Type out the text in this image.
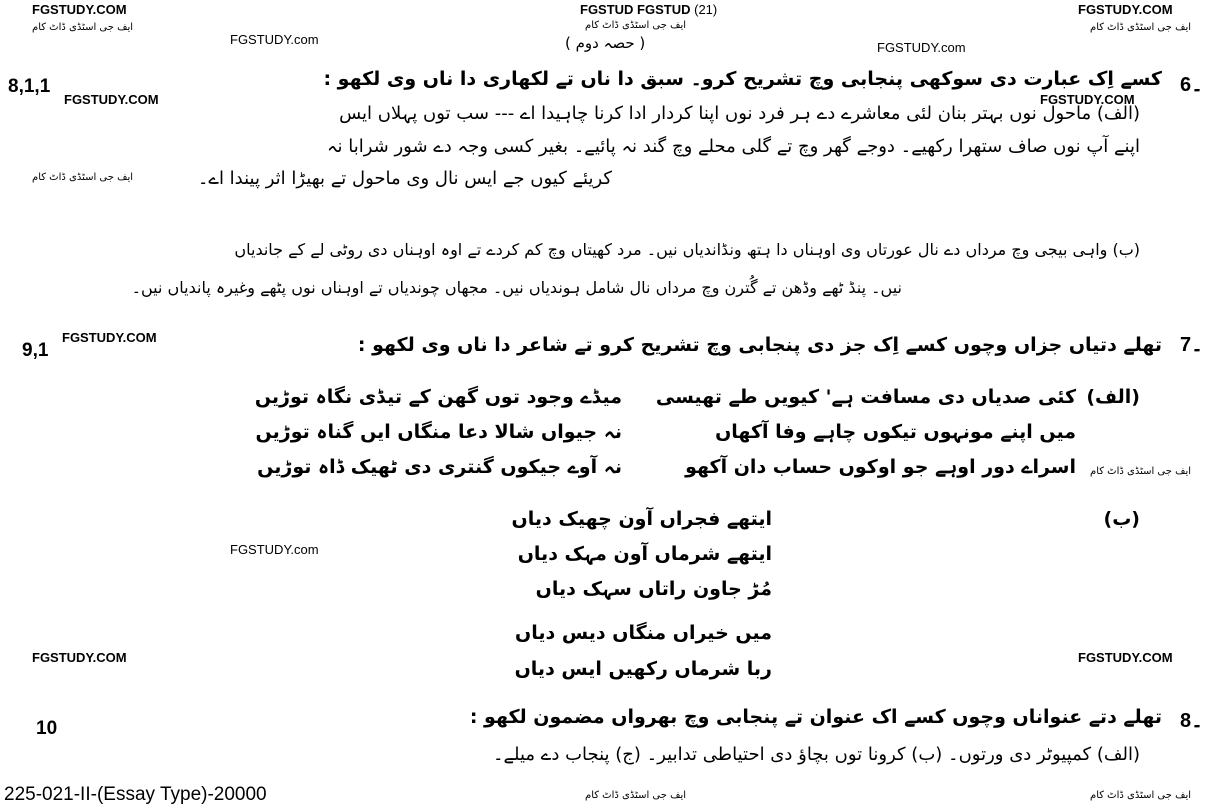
FGSTUDY.COM	FGSTUD FGSTUD (21)	FGSTUDY.COM
ایف جی اسٹڈی ڈاٹ کام	ایف جی اسٹڈی ڈاٹ کام	ایف جی اسٹڈی ڈاٹ کام
FGSTUDY.com
FGSTUDY.com
( حصہ دوم )
6۔
8,1,1
FGSTUDY.COM	FGSTUDY.COM
کسے اِک عبارت دی سوکھی پنجابی وچ تشریح کرو۔ سبق دا ناں تے لکھاری دا ناں وی لکھو :
(الف) ماحول نوں بہتر بنان لئی معاشرے دے ہر فرد نوں اپنا کردار ادا کرنا چاہیدا اے --- سب توں پہلاں ایس
اپنے آپ نوں صاف ستھرا رکھیے۔ دوجے گھر وچ تے گلی محلے وچ گند نہ پائیے۔ بغیر کسی وجہ دے شور شرابا نہ
ایف جی اسٹڈی ڈاٹ کام	کریئے کیوں جے ایس نال وی ماحول تے بھیڑا اثر پیندا اے۔
(ب) واہی بیجی وچ مرداں دے نال عورتاں وی اوہناں دا ہتھ ونڈاندیاں نیں۔ مرد کھیتاں وچ کم کردے تے اوہ اوہناں دی روٹی لے کے جاندیاں
نیں۔ پنڈ ٹھے وڈھن تے گُترن وچ مرداں نال شامل ہوندیاں نیں۔ مجھاں چوندیاں تے اوہناں نوں پٹھے وغیرہ پاندیاں نیں۔
7۔
9,1
FGSTUDY.COM	تھلے دتیاں جزاں وچوں کسے اِک جز دی پنجابی وچ تشریح کرو تے شاعر دا ناں وی لکھو :
(الف)
کئی صدیاں دی مسافت ہے' کیویں طے تھیسی
میڈے وجود توں گھن کے تیڈی نگاہ توڑیں
میں اپنے مونہوں تیکوں چاہے وفا آکھاں
نہ جیواں شالا دعا منگاں ایں گناہ توڑیں
ایف جی اسٹڈی ڈاٹ کام
اسراے دور اوہے جو اوکوں حساب دان آکھو
نہ آوے جیکوں گنتری دی ٹھیک ڈاہ توڑیں
(ب)
FGSTUDY.com
ایتھے فجراں آون چھیک دیاں
ایتھے شرماں آون مہک دیاں
مُڑ جاون راتاں سہک دیاں
FGSTUDY.COM	FGSTUDY.COM
میں خیراں منگاں دیس دیاں
ربا شرماں رکھیں ایس دیاں
8۔
10
تھلے دتے عنواناں وچوں کسے اک عنوان تے پنجابی وچ بھرواں مضمون لکھو :
(الف) کمپیوٹر دی ورتوں۔ (ب) کرونا توں بچاؤ دی احتیاطی تدابیر۔ (ج) پنجاب دے میلے۔
225-021-II-(Essay Type)-20000	ایف جی اسٹڈی ڈاٹ کام	ایف جی اسٹڈی ڈاٹ کام
